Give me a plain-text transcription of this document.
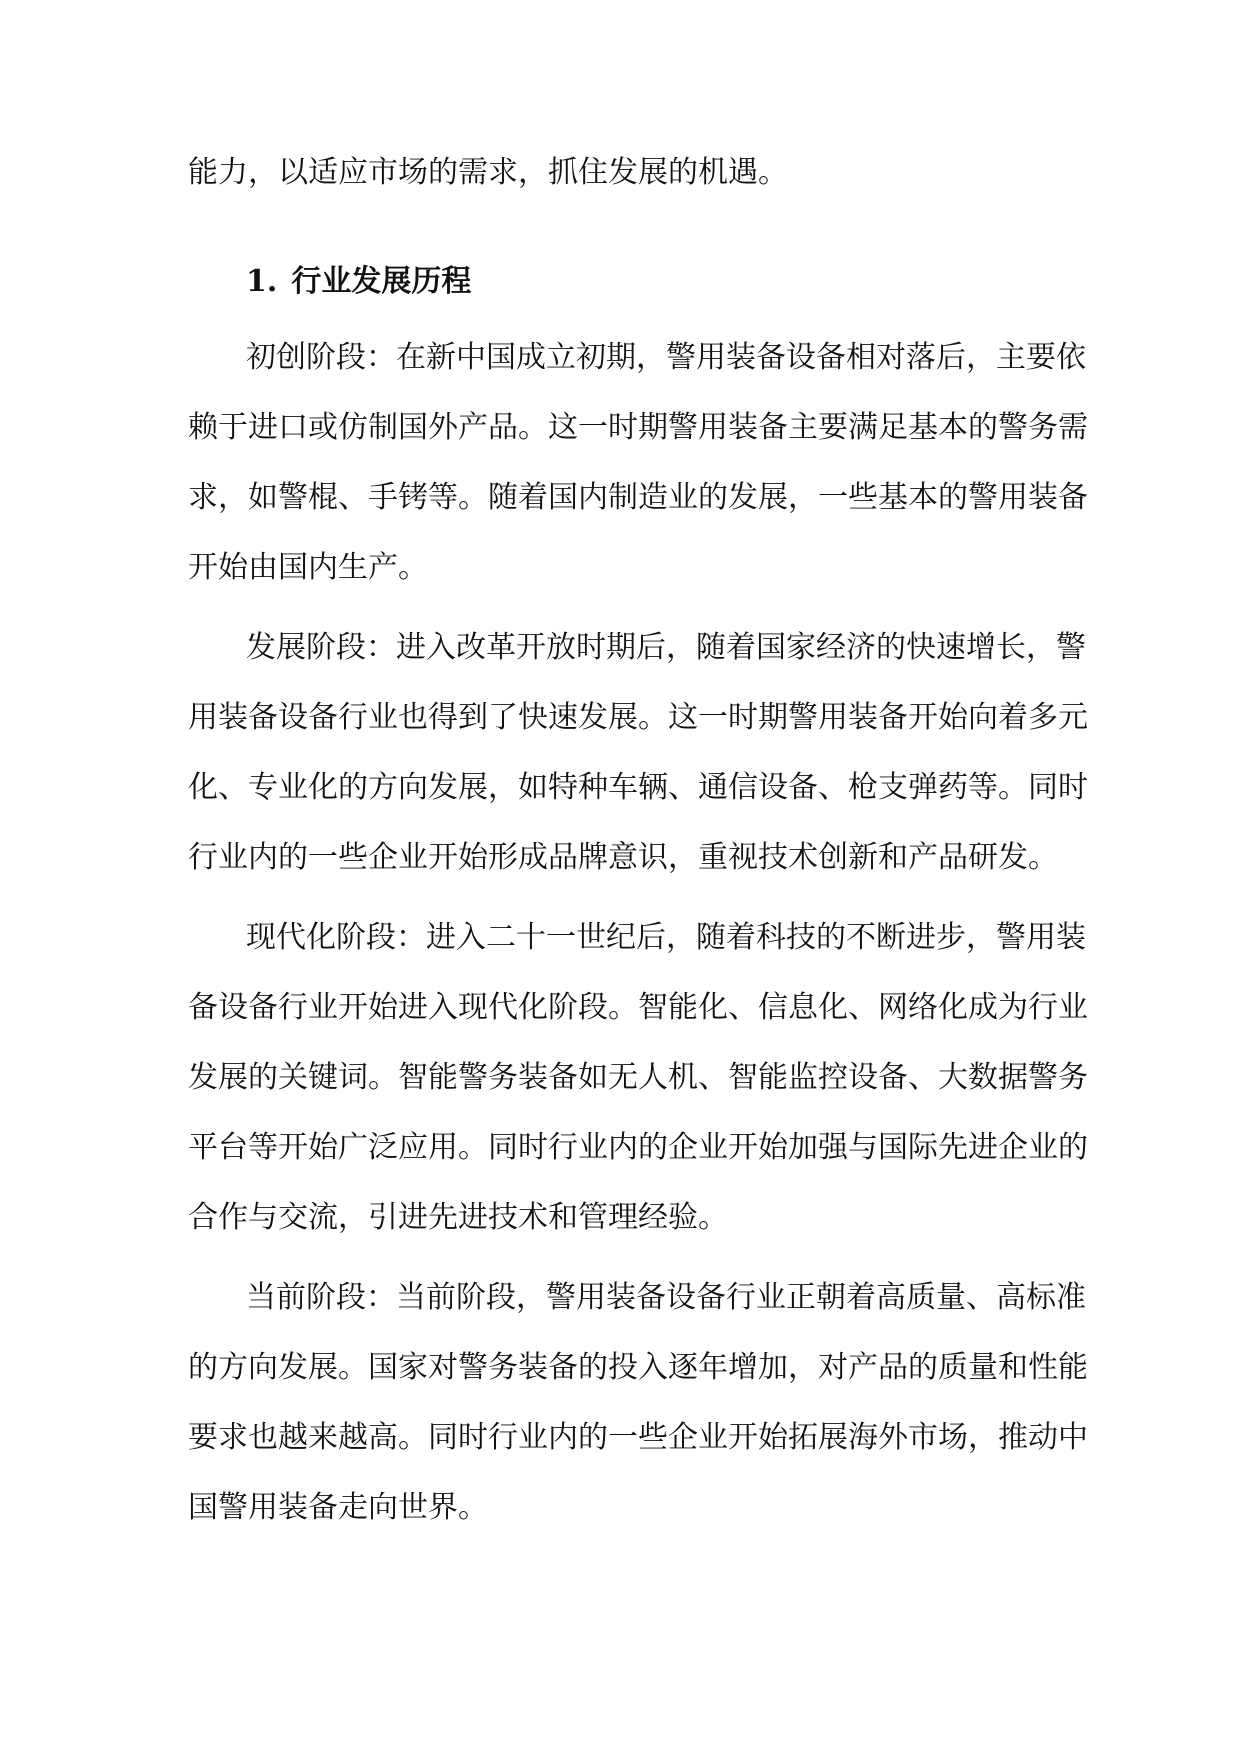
能力，以适应市场的需求，抓住发展的机遇。
1. 行业发展历程
初创阶段：在新中国成立初期，警用装备设备相对落后，主要依
赖于进口或仿制国外产品。这一时期警用装备主要满足基本的警务需
求，如警棍、手铐等。随着国内制造业的发展，一些基本的警用装备
开始由国内生产。
发展阶段：进入改革开放时期后，随着国家经济的快速增长，警
用装备设备行业也得到了快速发展。这一时期警用装备开始向着多元
化、专业化的方向发展，如特种车辆、通信设备、枪支弹药等。同时
行业内的一些企业开始形成品牌意识，重视技术创新和产品研发。
现代化阶段：进入二十一世纪后，随着科技的不断进步，警用装
备设备行业开始进入现代化阶段。智能化、信息化、网络化成为行业
发展的关键词。智能警务装备如无人机、智能监控设备、大数据警务
平台等开始广泛应用。同时行业内的企业开始加强与国际先进企业的
合作与交流，引进先进技术和管理经验。
当前阶段：当前阶段，警用装备设备行业正朝着高质量、高标准
的方向发展。国家对警务装备的投入逐年增加，对产品的质量和性能
要求也越来越高。同时行业内的一些企业开始拓展海外市场，推动中
国警用装备走向世界。
